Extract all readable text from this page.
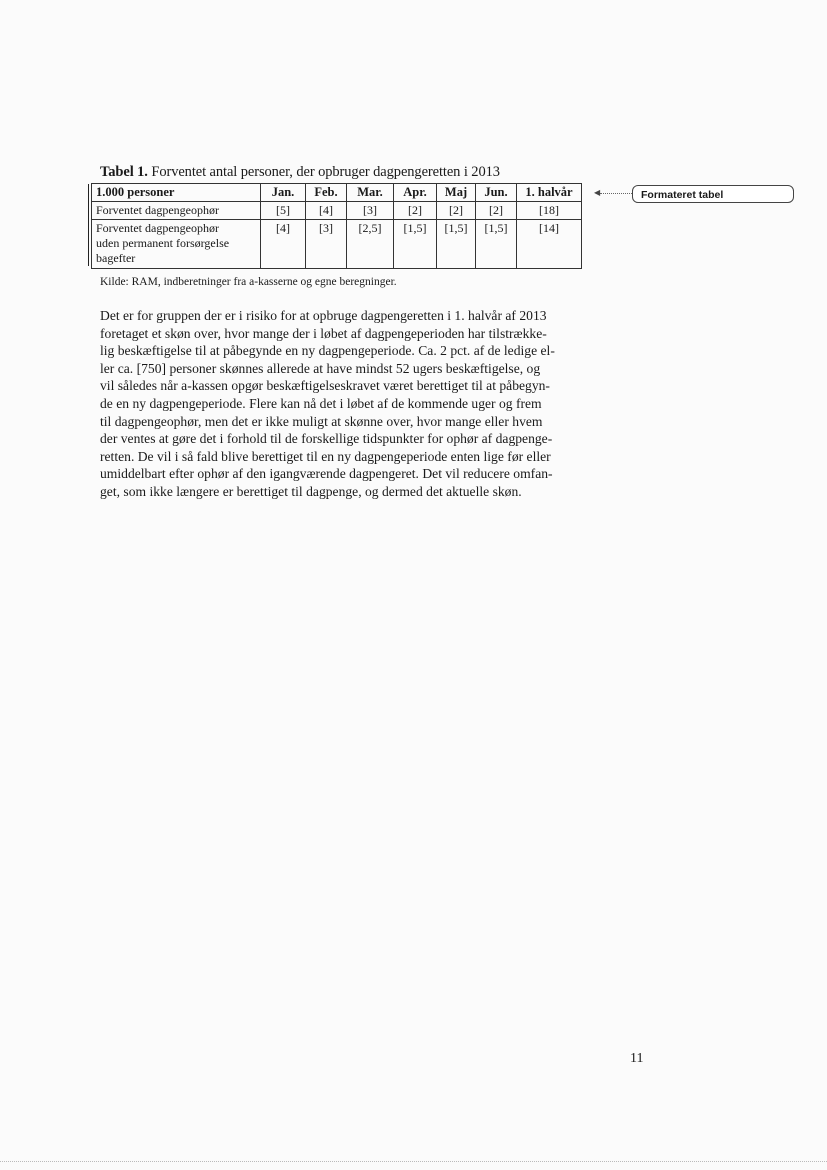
Tabel 1. Forventet antal personer, der opbruger dagpengeretten i 2013
1.000 personer	Jan.	Feb.	Mar.	Apr.	Maj	Jun.	1. halvår
Forventet dagpengeophør	[5]	[4]	[3]	[2]	[2]	[2]	[18]

Forventet dagpengeophør
uden permanent forsørgelse
bagefter	[4]	[3]	[2,5]	[1,5]	[1,5]	[1,5]	[14]
◀	Formateret tabel
Kilde: RAM, indberetninger fra a-kasserne og egne beregninger.
Det er for gruppen der er i risiko for at opbruge dagpengeretten i 1. halvår af 2013
foretaget et skøn over, hvor mange der i løbet af dagpengeperioden har tilstrække-
lig beskæftigelse til at påbegynde en ny dagpengeperiode. Ca. 2 pct. af de ledige el-
ler ca. [750] personer skønnes allerede at have mindst 52 ugers beskæftigelse, og
vil således når a-kassen opgør beskæftigelseskravet været berettiget til at påbegyn-
de en ny dagpengeperiode. Flere kan nå det i løbet af de kommende uger og frem
til dagpengeophør, men det er ikke muligt at skønne over, hvor mange eller hvem
der ventes at gøre det i forhold til de forskellige tidspunkter for ophør af dagpenge-
retten. De vil i så fald blive berettiget til en ny dagpengeperiode enten lige før eller
umiddelbart efter ophør af den igangværende dagpengeret. Det vil reducere omfan-
get, som ikke længere er berettiget til dagpenge, og dermed det aktuelle skøn.
11
